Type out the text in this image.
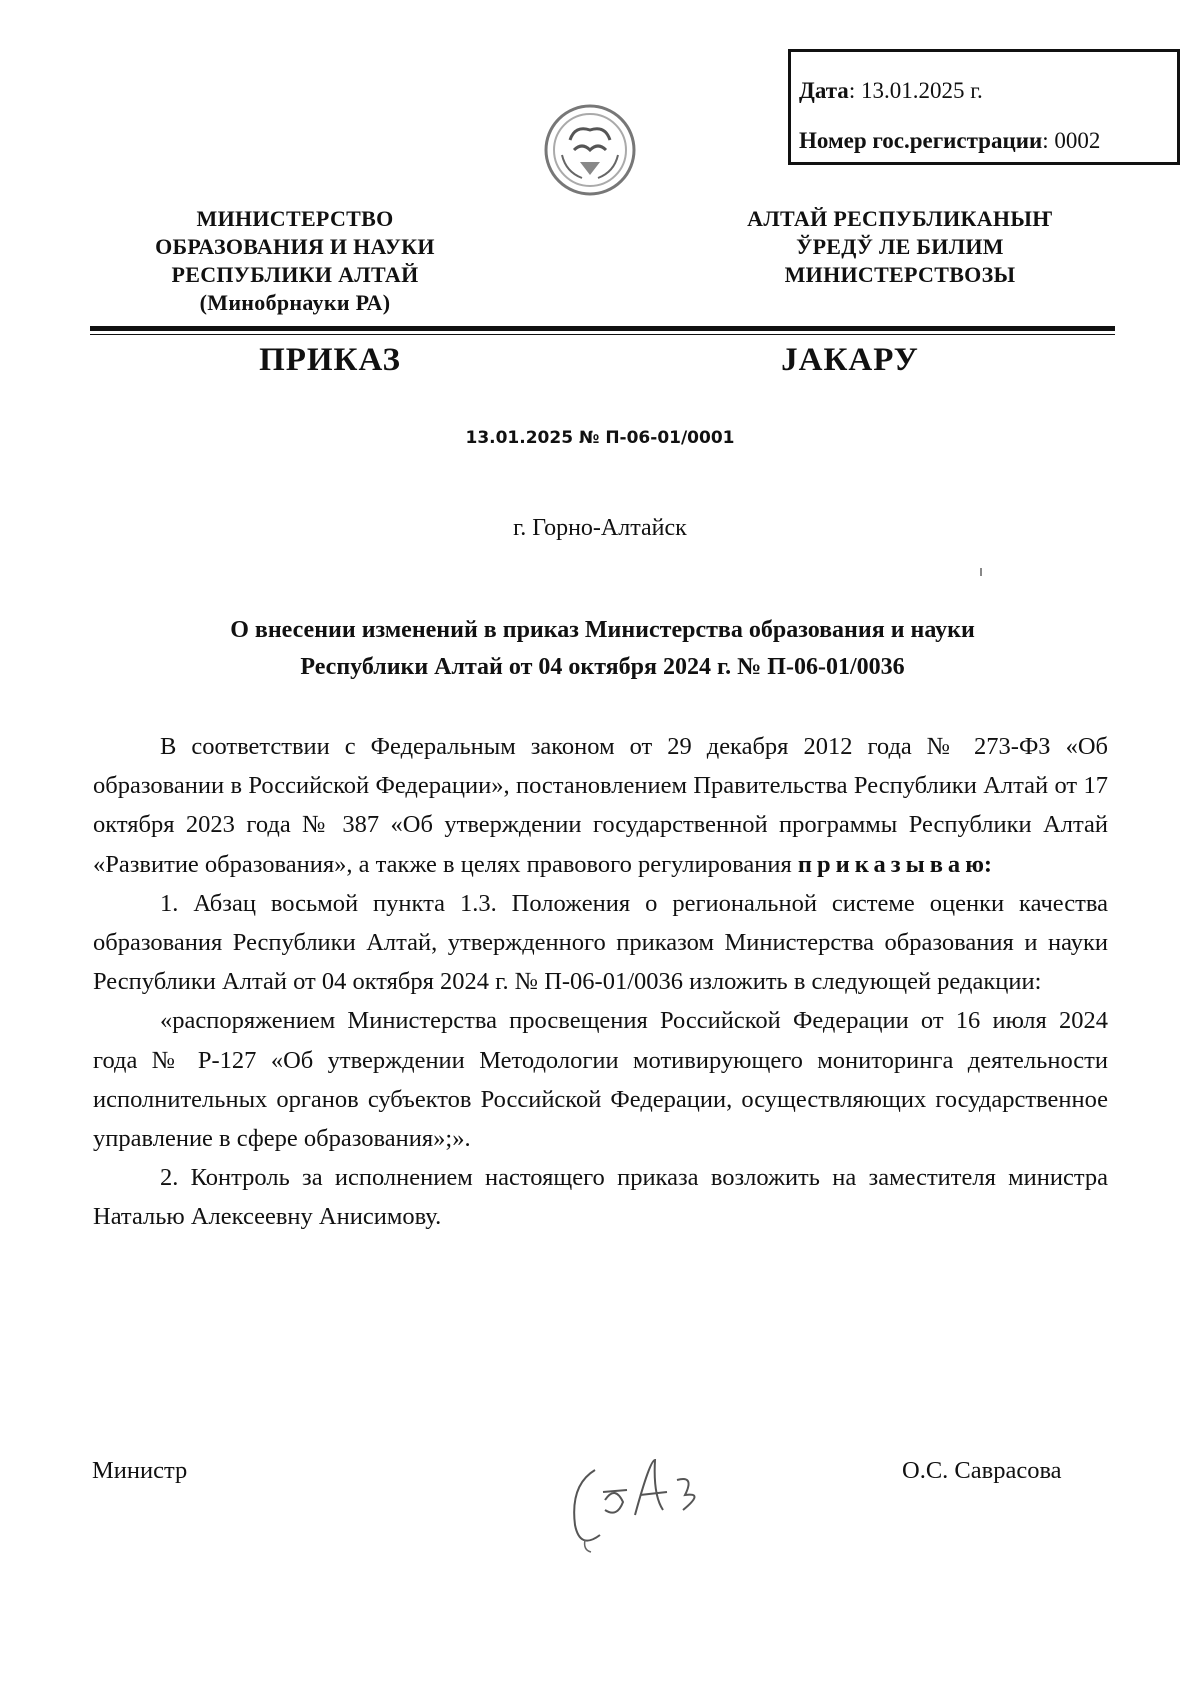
Дата: 13.01.2025 г.
Номер гос.регистрации: 0002
МИНИСТЕРСТВО
ОБРАЗОВАНИЯ И НАУКИ
РЕСПУБЛИКИ АЛТАЙ
(Минобрнауки РА)
АЛТАЙ РЕСПУБЛИКАНЫҤ
ЎРЕДЎ ЛЕ БИЛИМ
МИНИСТЕРСТВОЗЫ
ПРИКАЗ	ЈАКАРУ
13.01.2025 № П-06-01/0001
г. Горно-Алтайск
О внесении изменений в приказ Министерства образования и науки
Республики Алтай от 04 октября 2024 г. № П-06-01/0036

В соответствии с Федеральным законом от 29 декабря 2012 года № 273-ФЗ «Об образовании в Российской Федерации», постановлением Правительства Республики Алтай от 17 октября 2023 года № 387 «Об утверждении государственной программы Республики Алтай «Развитие образования», а также в целях правового регулирования приказываю:

1. Абзац восьмой пункта 1.3. Положения о региональной системе оценки качества образования Республики Алтай, утвержденного приказом Министерства образования и науки Республики Алтай от 04 октября 2024 г. № П-06-01/0036 изложить в следующей редакции:

«распоряжением Министерства просвещения Российской Федерации от 16 июля 2024 года № Р-127 «Об утверждении Методологии мотивирующего мониторинга деятельности исполнительных органов субъектов Российской Федерации, осуществляющих государственное управление в сфере образования»;».

2. Контроль за исполнением настоящего приказа возложить на заместителя министра Наталью Алексеевну Анисимову.

Министр	О.С. Саврасова
